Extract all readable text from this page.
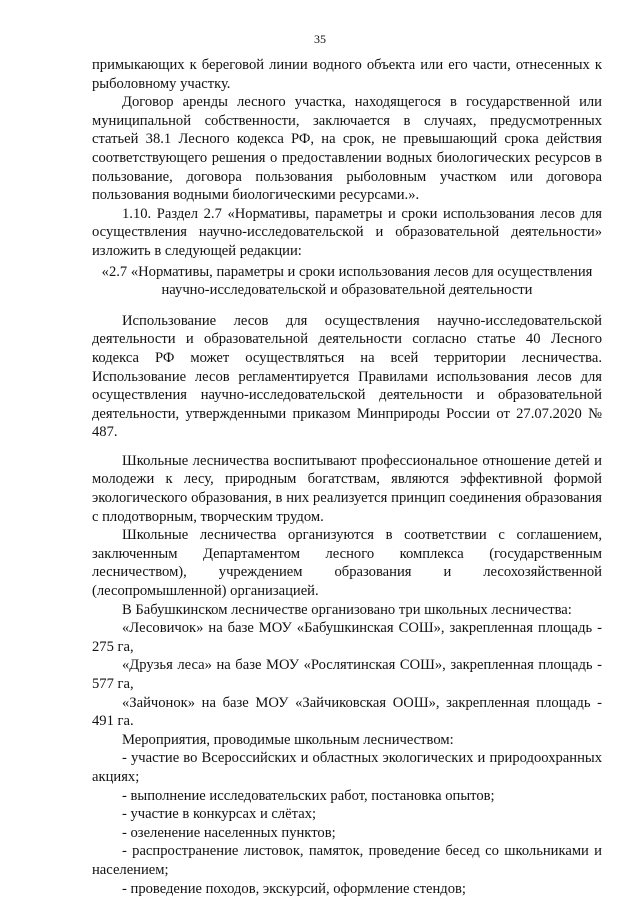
35

примыкающих к береговой линии водного объекта или его части, отнесенных к рыболовному участку.

Договор аренды лесного участка, находящегося в государственной или муниципальной собственности, заключается в случаях, предусмотренных статьей 38.1 Лесного кодекса РФ, на срок, не превышающий срока действия соответствующего решения о предоставлении водных биологических ресурсов в пользование, договора пользования рыболовным участком или договора пользования водными биологическими ресурсами.».

1.10. Раздел 2.7 «Нормативы, параметры и сроки использования лесов для осуществления научно-исследовательской и образовательной деятельности» изложить в следующей редакции:

«2.7 «Нормативы, параметры и сроки использования лесов для осуществления научно-исследовательской и образовательной деятельности

Использование лесов для осуществления научно-исследовательской деятельности и образовательной деятельности согласно статье 40 Лесного кодекса РФ может осуществляться на всей территории лесничества. Использование лесов регламентируется Правилами использования лесов для осуществления научно-исследовательской деятельности и образовательной деятельности, утвержденными приказом Минприроды России от 27.07.2020 № 487.

Школьные лесничества воспитывают профессиональное отношение детей и молодежи к лесу, природным богатствам, являются эффективной формой экологического образования, в них реализуется принцип соединения образования с плодотворным, творческим трудом.

Школьные лесничества организуются в соответствии с соглашением, заключенным Департаментом лесного комплекса (государственным лесничеством), учреждением образования и лесохозяйственной (лесопромышленной) организацией.

В Бабушкинском лесничестве организовано три школьных лесничества:

«Лесовичок» на базе МОУ «Бабушкинская СОШ», закрепленная площадь - 275 га,

«Друзья леса» на базе МОУ «Рослятинская СОШ», закрепленная площадь - 577 га,

«Зайчонок» на базе МОУ «Зайчиковская ООШ», закрепленная площадь - 491 га.

Мероприятия, проводимые школьным лесничеством:

- участие во Всероссийских и областных экологических и природоохранных акциях;

- выполнение исследовательских работ, постановка опытов;

- участие в конкурсах и слётах;

- озеленение населенных пунктов;

- распространение листовок, памяток, проведение бесед со школьниками и населением;

- проведение походов, экскурсий, оформление стендов;
